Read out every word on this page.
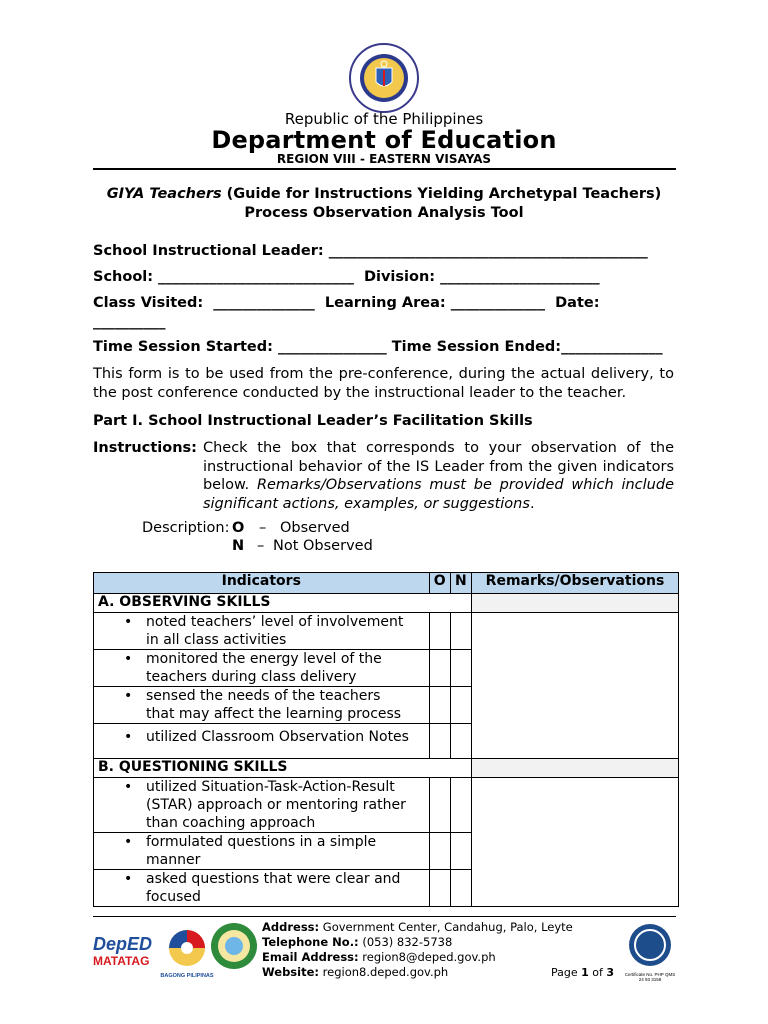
Republic of the Philippines
Department of Education
REGION VIII - EASTERN VISAYAS
GIYA Teachers (Guide for Instructions Yielding Archetypal Teachers)
Process Observation Analysis Tool
School Instructional Leader: ____________________________________________
School: ___________________________  Division: ______________________
Class Visited:  ______________  Learning Area: _____________  Date:
__________
Time Session Started: _______________ Time Session Ended:______________
This form is to be used from the pre-conference, during the actual delivery, to the post conference conducted by the instructional leader to the teacher.
Part I. School Instructional Leader’s Facilitation Skills
Instructions: Check the box that corresponds to your observation of the instructional behavior of the IS Leader from the given indicators below. Remarks/Observations must be provided which include significant actions, examples, or suggestions.
Description: O – Observed
N – Not Observed
Indicators	O	N	Remarks/Observations
A. OBSERVING SKILLS			
• noted teachers’ level of involvement in all class activities			
• monitored the energy level of the teachers during class delivery			
• sensed the needs of the teachers that may affect the learning process			
• utilized Classroom Observation Notes			
B. QUESTIONING SKILLS			
• utilized Situation-Task-Action-Result (STAR) approach or mentoring rather than coaching approach			
• formulated questions in a simple manner			
• asked questions that were clear and focused			
DepED
MATATAG
BAGONG PILIPINAS
Address: Government Center, Candahug, Palo, Leyte
Telephone No.: (053) 832-5738
Email Address: region8@deped.gov.ph
Website: region8.deped.gov.ph	Page 1 of 3 Certificate No. PHP QMS 24 93 3158
